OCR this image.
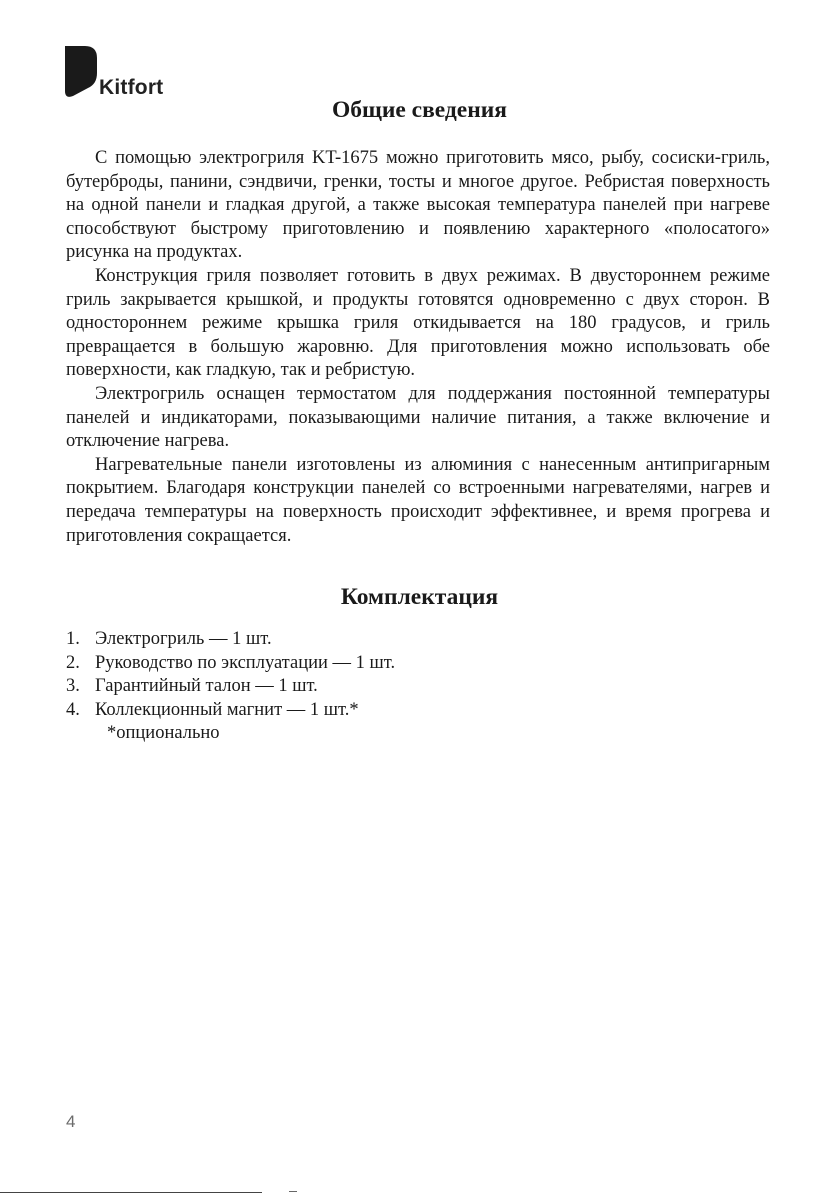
Kitfort
Общие сведения

С помощью электрогриля KT-1675 можно приготовить мясо, рыбу, сосиски-гриль, бутерброды, панини, сэндвичи, гренки, тосты и многое другое. Ребристая поверхность на одной панели и гладкая другой, а также высокая температура панелей при нагреве способствуют быстрому приготовлению и появлению характерного «полосатого» рисунка на продуктах.

Конструкция гриля позволяет готовить в двух режимах. В двустороннем режиме гриль закрывается крышкой, и продукты готовятся одновременно с двух сторон. В одностороннем режиме крышка гриля откидывается на 180 градусов, и гриль превращается в большую жаровню. Для приготовления можно использовать обе поверхности, как гладкую, так и ребристую.

Электрогриль оснащен термостатом для поддержания постоянной температуры панелей и индикаторами, показывающими наличие питания, а также включение и отключение нагрева.

Нагревательные панели изготовлены из алюминия с нанесенным антипригарным покрытием. Благодаря конструкции панелей со встроенными нагревателями, нагрев и передача температуры на поверхность происходит эффективнее, и время прогрева и приготовления сокращается.

Комплектация
1. Электрогриль — 1 шт.
2. Руководство по эксплуатации — 1 шт.
3. Гарантийный талон — 1 шт.
4. Коллекционный магнит — 1 шт.*
*опционально
4
